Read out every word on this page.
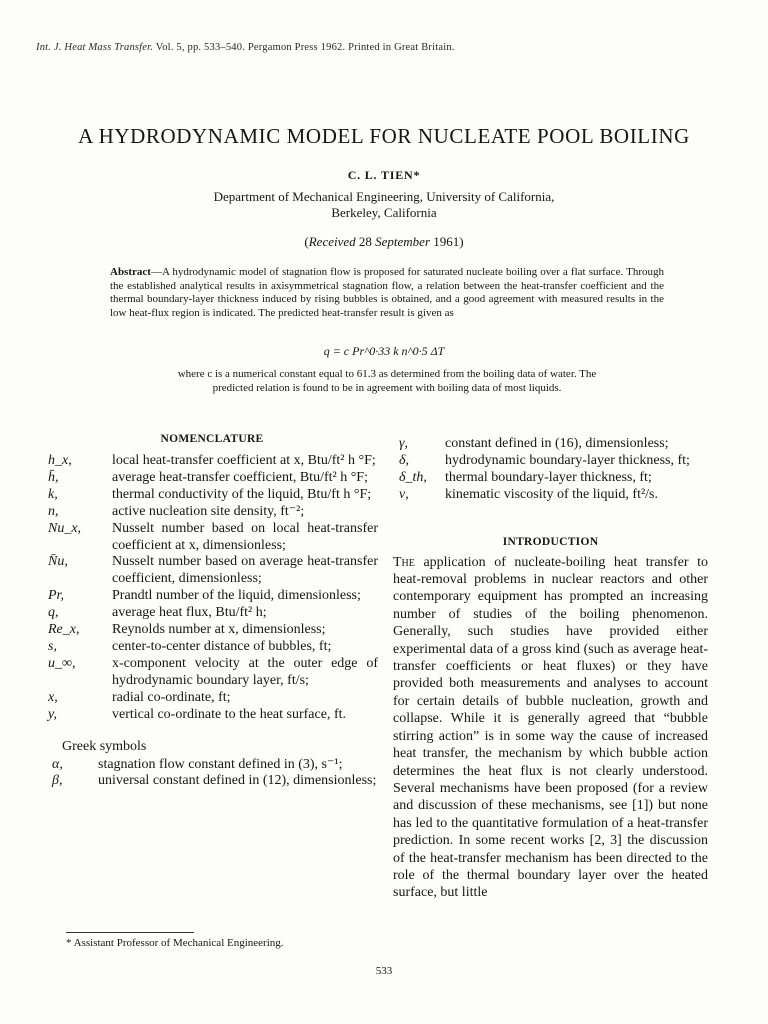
Int. J. Heat Mass Transfer. Vol. 5, pp. 533–540. Pergamon Press 1962. Printed in Great Britain.
A HYDRODYNAMIC MODEL FOR NUCLEATE POOL BOILING
C. L. TIEN*
Department of Mechanical Engineering, University of California,
Berkeley, California
(Received 28 September 1961)
Abstract—A hydrodynamic model of stagnation flow is proposed for saturated nucleate boiling over a flat surface. Through the established analytical results in axisymmetrical stagnation flow, a relation between the heat-transfer coefficient and the thermal boundary-layer thickness induced by rising bubbles is obtained, and a good agreement with measured results in the low heat-flux region is indicated. The predicted heat-transfer result is given as
q = c Pr^0·33 k n^0·5 ΔT
where c is a numerical constant equal to 61.3 as determined from the boiling data of water. The
predicted relation is found to be in agreement with boiling data of most liquids.
NOMENCLATURE
h_x,	local heat-transfer coefficient at x, Btu/ft² h °F;
h̄,	average heat-transfer coefficient, Btu/ft² h °F;
k,	thermal conductivity of the liquid, Btu/ft h °F;
n,	active nucleation site density, ft⁻²;
Nu_x,	Nusselt number based on local heat-transfer coefficient at x, dimensionless;
N̄u,	Nusselt number based on average heat-transfer coefficient, dimensionless;
Pr,	Prandtl number of the liquid, dimensionless;
q,	average heat flux, Btu/ft² h;
Re_x,	Reynolds number at x, dimensionless;
s,	center-to-center distance of bubbles, ft;
u_∞,	x-component velocity at the outer edge of hydrodynamic boundary layer, ft/s;
x,	radial co-ordinate, ft;
y,	vertical co-ordinate to the heat surface, ft.
Greek symbols
α,	stagnation flow constant defined in (3), s⁻¹;
β,	universal constant defined in (12), dimensionless;
γ,	constant defined in (16), dimensionless;
δ,	hydrodynamic boundary-layer thickness, ft;
δ_th,	thermal boundary-layer thickness, ft;
ν,	kinematic viscosity of the liquid, ft²/s.
INTRODUCTION
The application of nucleate-boiling heat transfer to heat-removal problems in nuclear reactors and other contemporary equipment has prompted an increasing number of studies of the boiling phenomenon. Generally, such studies have provided either experimental data of a gross kind (such as average heat-transfer coefficients or heat fluxes) or they have provided both measurements and analyses to account for certain details of bubble nucleation, growth and collapse. While it is generally agreed that “bubble stirring action” is in some way the cause of increased heat transfer, the mechanism by which bubble action determines the heat flux is not clearly understood. Several mechanisms have been proposed (for a review and discussion of these mechanisms, see [1]) but none has led to the quantitative formulation of a heat-transfer prediction. In some recent works [2, 3] the discussion of the heat-transfer mechanism has been directed to the role of the thermal boundary layer over the heated surface, but little
* Assistant Professor of Mechanical Engineering.
533
